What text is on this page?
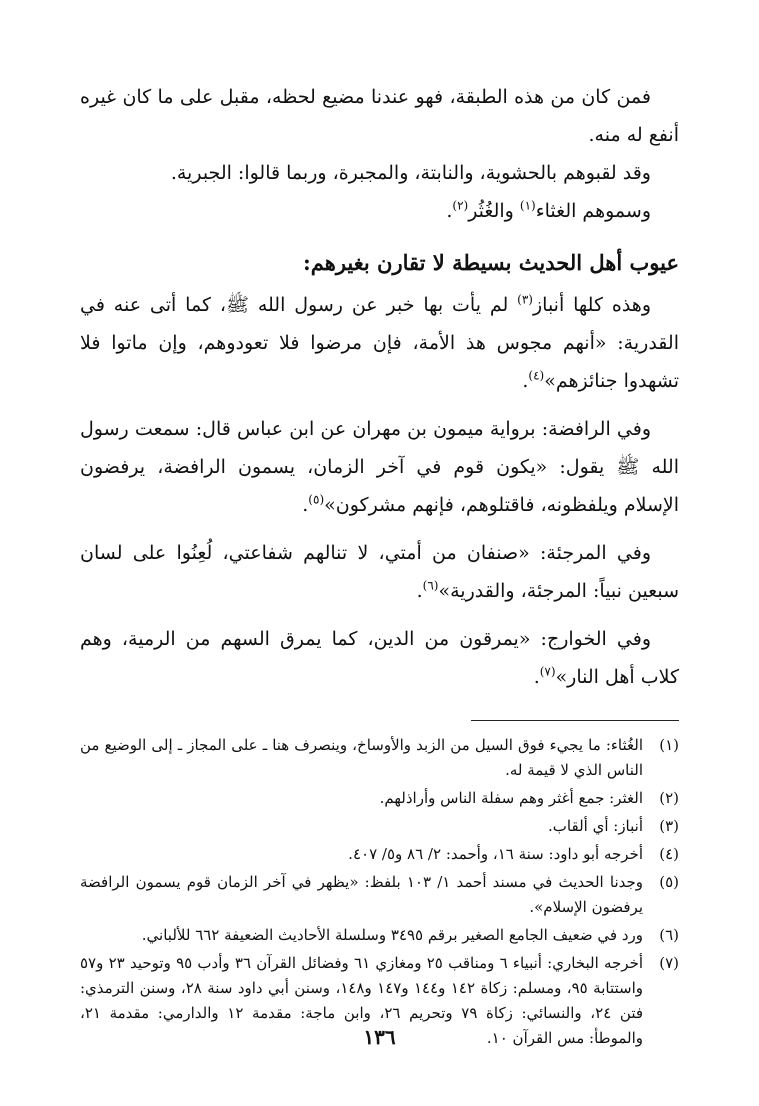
فمن كان من هذه الطبقة، فهو عندنا مضيع لحظه، مقبل على ما كان غيره أنفع له منه.

وقد لقبوهم بالحشوية، والنابتة، والمجبرة، وربما قالوا: الجبرية.

وسموهم الغثاء$^{(١)}$ والغُثُر$^{(٢)}$.

عيوب أهل الحديث بسيطة لا تقارن بغيرهم:

وهذه كلها أنباز$^{(٣)}$ لم يأت بها خبر عن رسول الله ﷺ، كما أتى عنه في القدرية: «أنهم مجوس هذ الأمة، فإن مرضوا فلا تعودوهم، وإن ماتوا فلا تشهدوا جنائزهم»$^{(٤)}$.

وفي الرافضة: برواية ميمون بن مهران عن ابن عباس قال: سمعت رسول الله ﷺ يقول: «يكون قوم في آخر الزمان، يسمون الرافضة، يرفضون الإسلام ويلفظونه، فاقتلوهم، فإنهم مشركون»$^{(٥)}$.

وفي المرجئة: «صنفان من أمتي، لا تنالهم شفاعتي، لُعِنُوا على لسان سبعين نبياً: المرجئة، والقدرية»$^{(٦)}$.

وفي الخوارج: «يمرقون من الدين، كما يمرق السهم من الرمية، وهم كلاب أهل النار»$^{(٧)}$.

(١)
الغُثاء: ما يجيء فوق السيل من الزبد والأوساخ، وينصرف هنا ـ على المجاز ـ إلى الوضيع من الناس الذي لا قيمة له.
(٢)
الغثر: جمع أغثر وهم سفلة الناس وأراذلهم.
(٣)
أنباز: أي ألقاب.
(٤)
أخرجه أبو داود: سنة ١٦، وأحمد: ٢/ ٨٦ و٥/ ٤٠٧.
(٥)
وجدنا الحديث في مسند أحمد ١/ ١٠٣ بلفظ: «يظهر في آخر الزمان قوم يسمون الرافضة يرفضون الإسلام».
(٦)
ورد في ضعيف الجامع الصغير برقم ٣٤٩٥ وسلسلة الأحاديث الضعيفة ٦٦٢ للألباني.
(٧)
أخرجه البخاري: أنبياء ٦ ومناقب ٢٥ ومغازي ٦١ وفضائل القرآن ٣٦ وأدب ٩٥ وتوحيد ٢٣ و٥٧ واستتابة ٩٥، ومسلم: زكاة ١٤٢ و١٤٤ و١٤٧ و١٤٨، وسنن أبي داود سنة ٢٨، وسنن الترمذي: فتن ٢٤، والنسائي: زكاة ٧٩ وتحريم ٢٦، وابن ماجة: مقدمة ١٢ والدارمي: مقدمة ٢١، والموطأ: مس القرآن ١٠.
١٣٦
